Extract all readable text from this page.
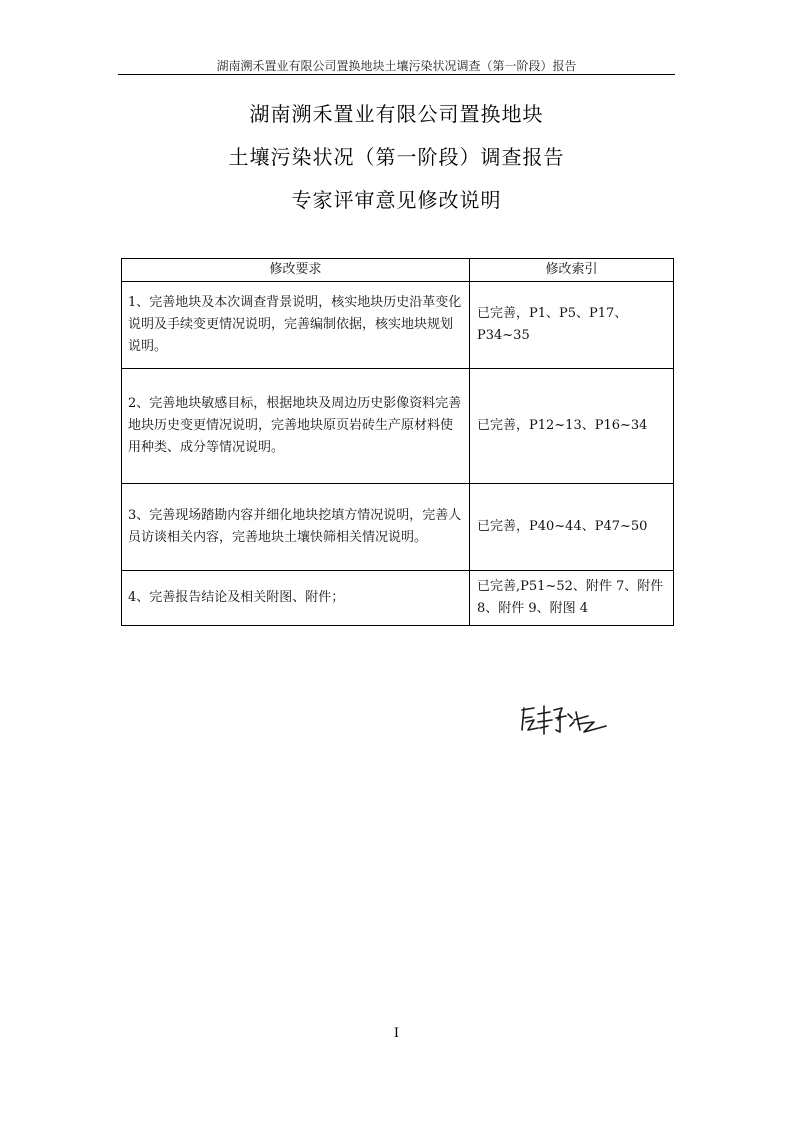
湖南溯禾置业有限公司置换地块土壤污染状况调查（第一阶段）报告
湖南溯禾置业有限公司置换地块
土壤污染状况（第一阶段）调查报告
专家评审意见修改说明
修改要求	修改索引
1、完善地块及本次调查背景说明，核实地块历史沿革变化说明及手续变更情况说明，完善编制依据，核实地块规划说明。	已完善，P1、P5、P17、P34~35
2、完善地块敏感目标，根据地块及周边历史影像资料完善地块历史变更情况说明，完善地块原页岩砖生产原材料使用种类、成分等情况说明。	已完善，P12~13、P16~34
3、完善现场踏勘内容并细化地块挖填方情况说明，完善人员访谈相关内容，完善地块土壤快筛相关情况说明。	已完善，P40~44、P47~50
4、完善报告结论及相关附图、附件；	已完善,P51~52、附件 7、附件 8、附件 9、附图 4
I
